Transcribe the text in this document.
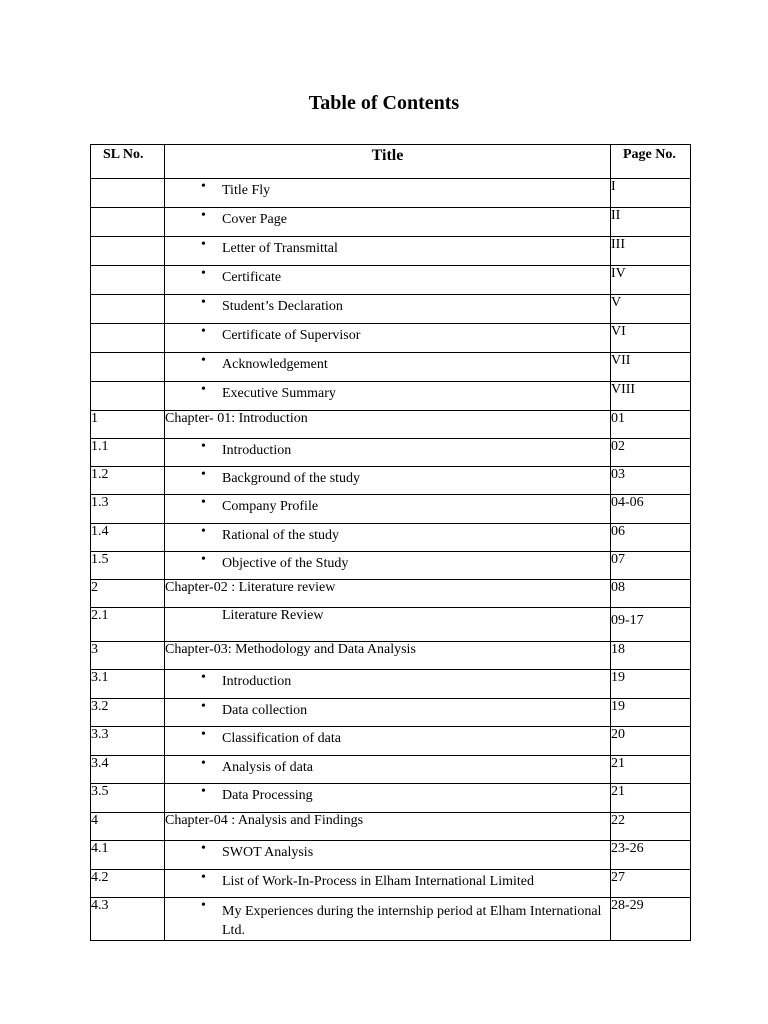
Table of Contents
SL No.	Title	Page No.
	• Title Fly	I
	• Cover Page	II
	• Letter of Transmittal	III
	• Certificate	IV
	• Student’s Declaration	V
	• Certificate of Supervisor	VI
	• Acknowledgement	VII
	• Executive Summary	VIII
1	Chapter- 01: Introduction	01
1.1	• Introduction	02
1.2	• Background of the study	03
1.3	• Company Profile	04-06
1.4	• Rational of the study	06
1.5	• Objective of the Study	07
2	Chapter-02 : Literature review	08
2.1	Literature Review	09-17
3	Chapter-03: Methodology and Data Analysis	18
3.1	• Introduction	19
3.2	• Data collection	19
3.3	• Classification of data	20
3.4	• Analysis of data	21
3.5	• Data Processing	21
4	Chapter-04 : Analysis and Findings	22
4.1	• SWOT Analysis	23-26
4.2	• List of Work-In-Process in Elham International Limited	27
4.3	• My Experiences during the internship period at Elham International Ltd.	28-29
